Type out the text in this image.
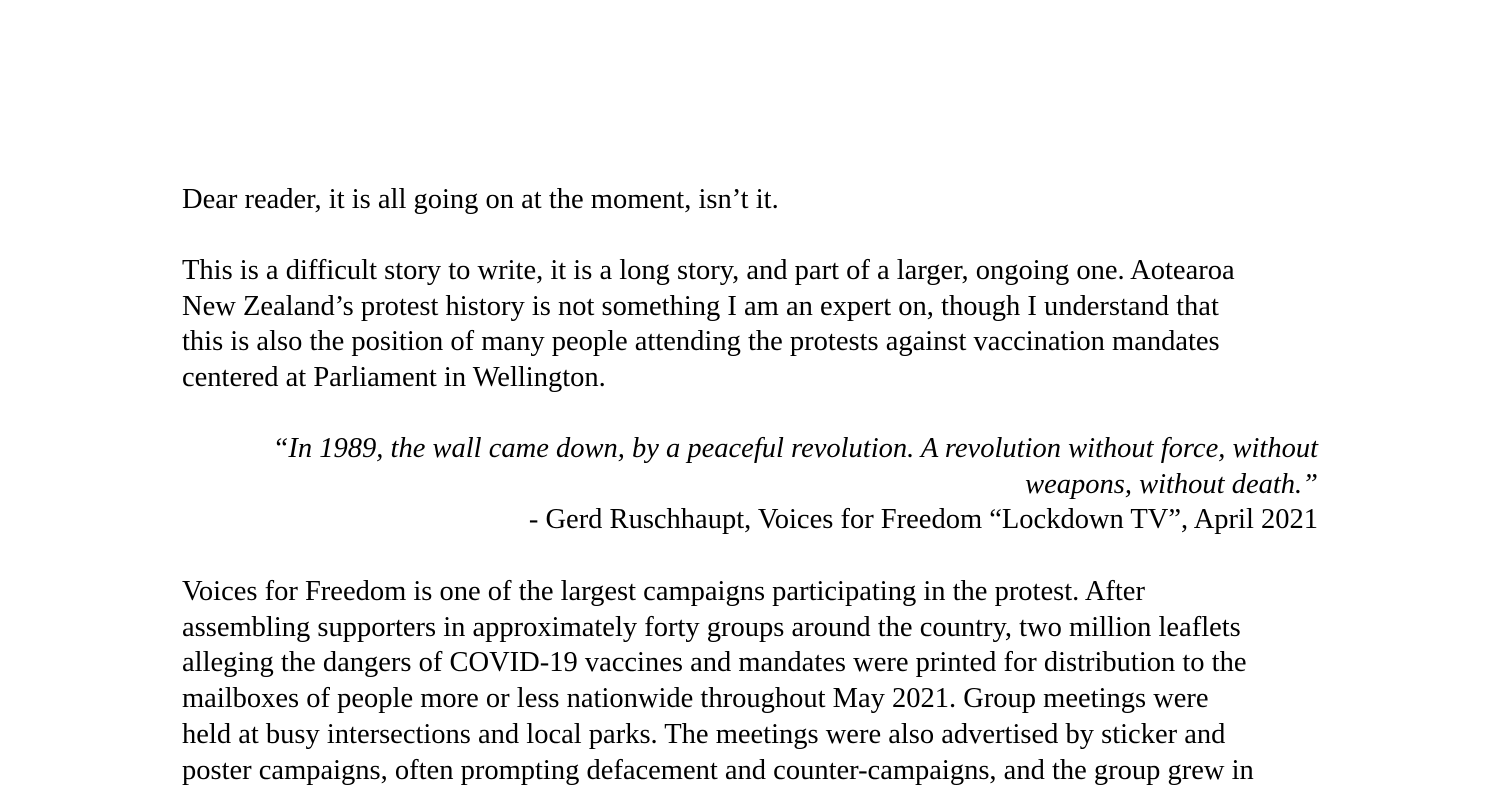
Dear reader, it is all going on at the moment, isn’t it.

This is a difficult story to write, it is a long story, and part of a larger, ongoing one. Aotearoa
New Zealand’s protest history is not something I am an expert on, though I understand that
this is also the position of many people attending the protests against vaccination mandates
centered at Parliament in Wellington.

“In 1989, the wall came down, by a peaceful revolution. A revolution without force, without
weapons, without death.”
- Gerd Ruschhaupt, Voices for Freedom “Lockdown TV”, April 2021

Voices for Freedom is one of the largest campaigns participating in the protest. After
assembling supporters in approximately forty groups around the country, two million leaflets
alleging the dangers of COVID-19 vaccines and mandates were printed for distribution to the
mailboxes of people more or less nationwide throughout May 2021. Group meetings were
held at busy intersections and local parks. The meetings were also advertised by sticker and
poster campaigns, often prompting defacement and counter-campaigns, and the group grew in
